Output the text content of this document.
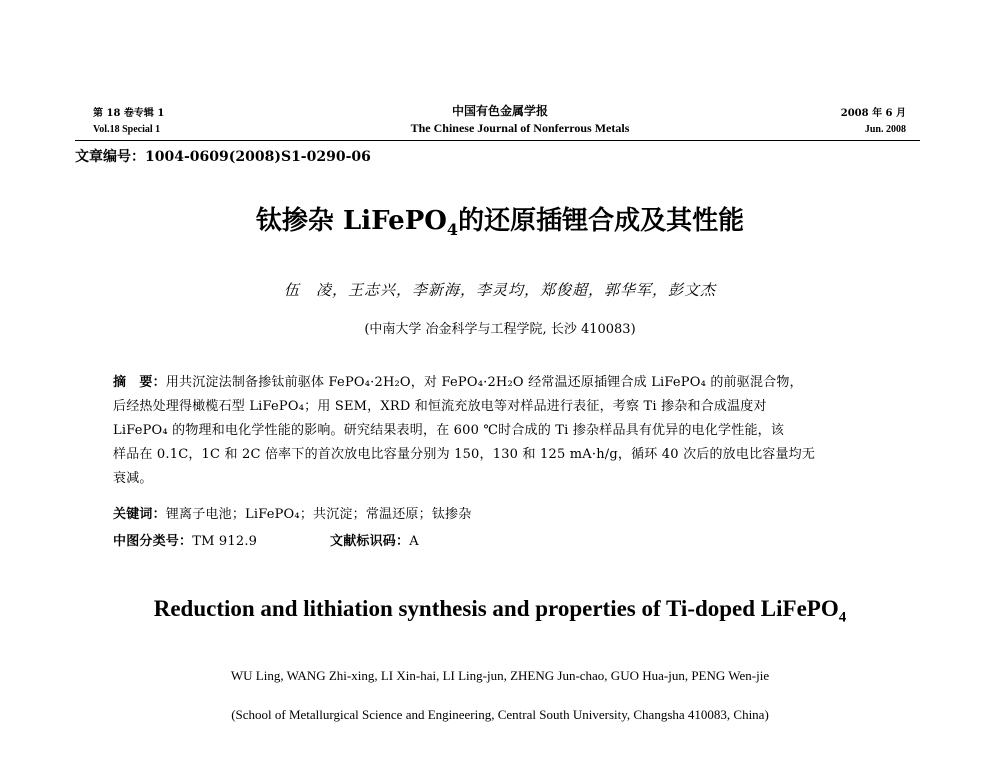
第 18 卷专辑 1
Vol.18 Special 1
中国有色金属学报
The Chinese Journal of Nonferrous Metals
2008 年 6 月
Jun. 2008
文章编号：1004-0609(2008)S1-0290-06
钛掺杂 LiFePO$_4$的还原插锂合成及其性能
伍　凌，王志兴，李新海，李灵均，郑俊超，郭华军，彭文杰
(中南大学 冶金科学与工程学院, 长沙 410083)
摘　要：用共沉淀法制备掺钛前驱体 FePO₄·2H₂O，对 FePO₄·2H₂O 经常温还原插锂合成 LiFePO₄ 的前驱混合物，
后经热处理得橄榄石型 LiFePO₄；用 SEM，XRD 和恒流充放电等对样品进行表征，考察 Ti 掺杂和合成温度对
LiFePO₄ 的物理和电化学性能的影响。研究结果表明，在 600 ℃时合成的 Ti 掺杂样品具有优异的电化学性能，该
样品在 0.1C，1C 和 2C 倍率下的首次放电比容量分别为 150，130 和 125 mA·h/g，循环 40 次后的放电比容量均无
衰减。
关键词：锂离子电池；LiFePO₄；共沉淀；常温还原；钛掺杂
中图分类号：TM 912.9	文献标识码：A
Reduction and lithiation synthesis and properties of Ti-doped LiFePO$_4$
WU Ling, WANG Zhi-xing, LI Xin-hai, LI Ling-jun, ZHENG Jun-chao, GUO Hua-jun, PENG Wen-jie
(School of Metallurgical Science and Engineering, Central South University, Changsha 410083, China)
